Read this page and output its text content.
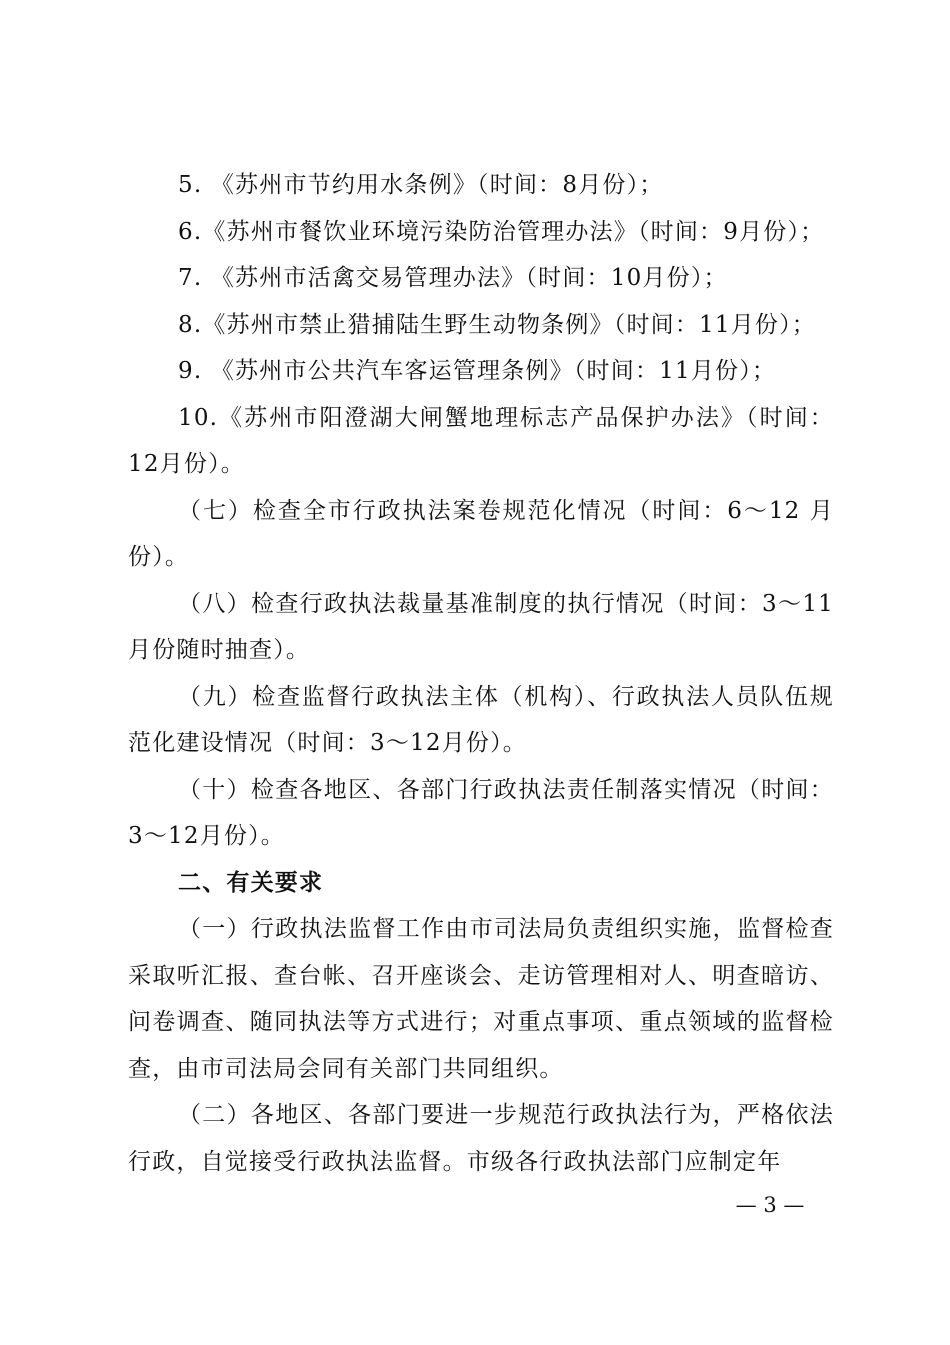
5. 《苏州市节约用水条例》（时间：8月份）；

6.《苏州市餐饮业环境污染防治管理办法》（时间：9月份）；

7. 《苏州市活禽交易管理办法》（时间：10月份）；

8.《苏州市禁止猎捕陆生野生动物条例》（时间：11月份）；

9. 《苏州市公共汽车客运管理条例》（时间：11月份）；

10.《苏州市阳澄湖大闸蟹地理标志产品保护办法》（时间：12月份）。

（七）检查全市行政执法案卷规范化情况（时间：6～12 月份）。

（八）检查行政执法裁量基准制度的执行情况（时间：3～11月份随时抽查）。

（九）检查监督行政执法主体（机构）、行政执法人员队伍规范化建设情况（时间：3～12月份）。

（十）检查各地区、各部门行政执法责任制落实情况（时间：3～12月份）。

二、有关要求

（一）行政执法监督工作由市司法局负责组织实施，监督检查采取听汇报、查台帐、召开座谈会、走访管理相对人、明查暗访、问卷调查、随同执法等方式进行；对重点事项、重点领域的监督检查，由市司法局会同有关部门共同组织。

（二）各地区、各部门要进一步规范行政执法行为，严格依法行政，自觉接受行政执法监督。市级各行政执法部门应制定年

— 3 —
